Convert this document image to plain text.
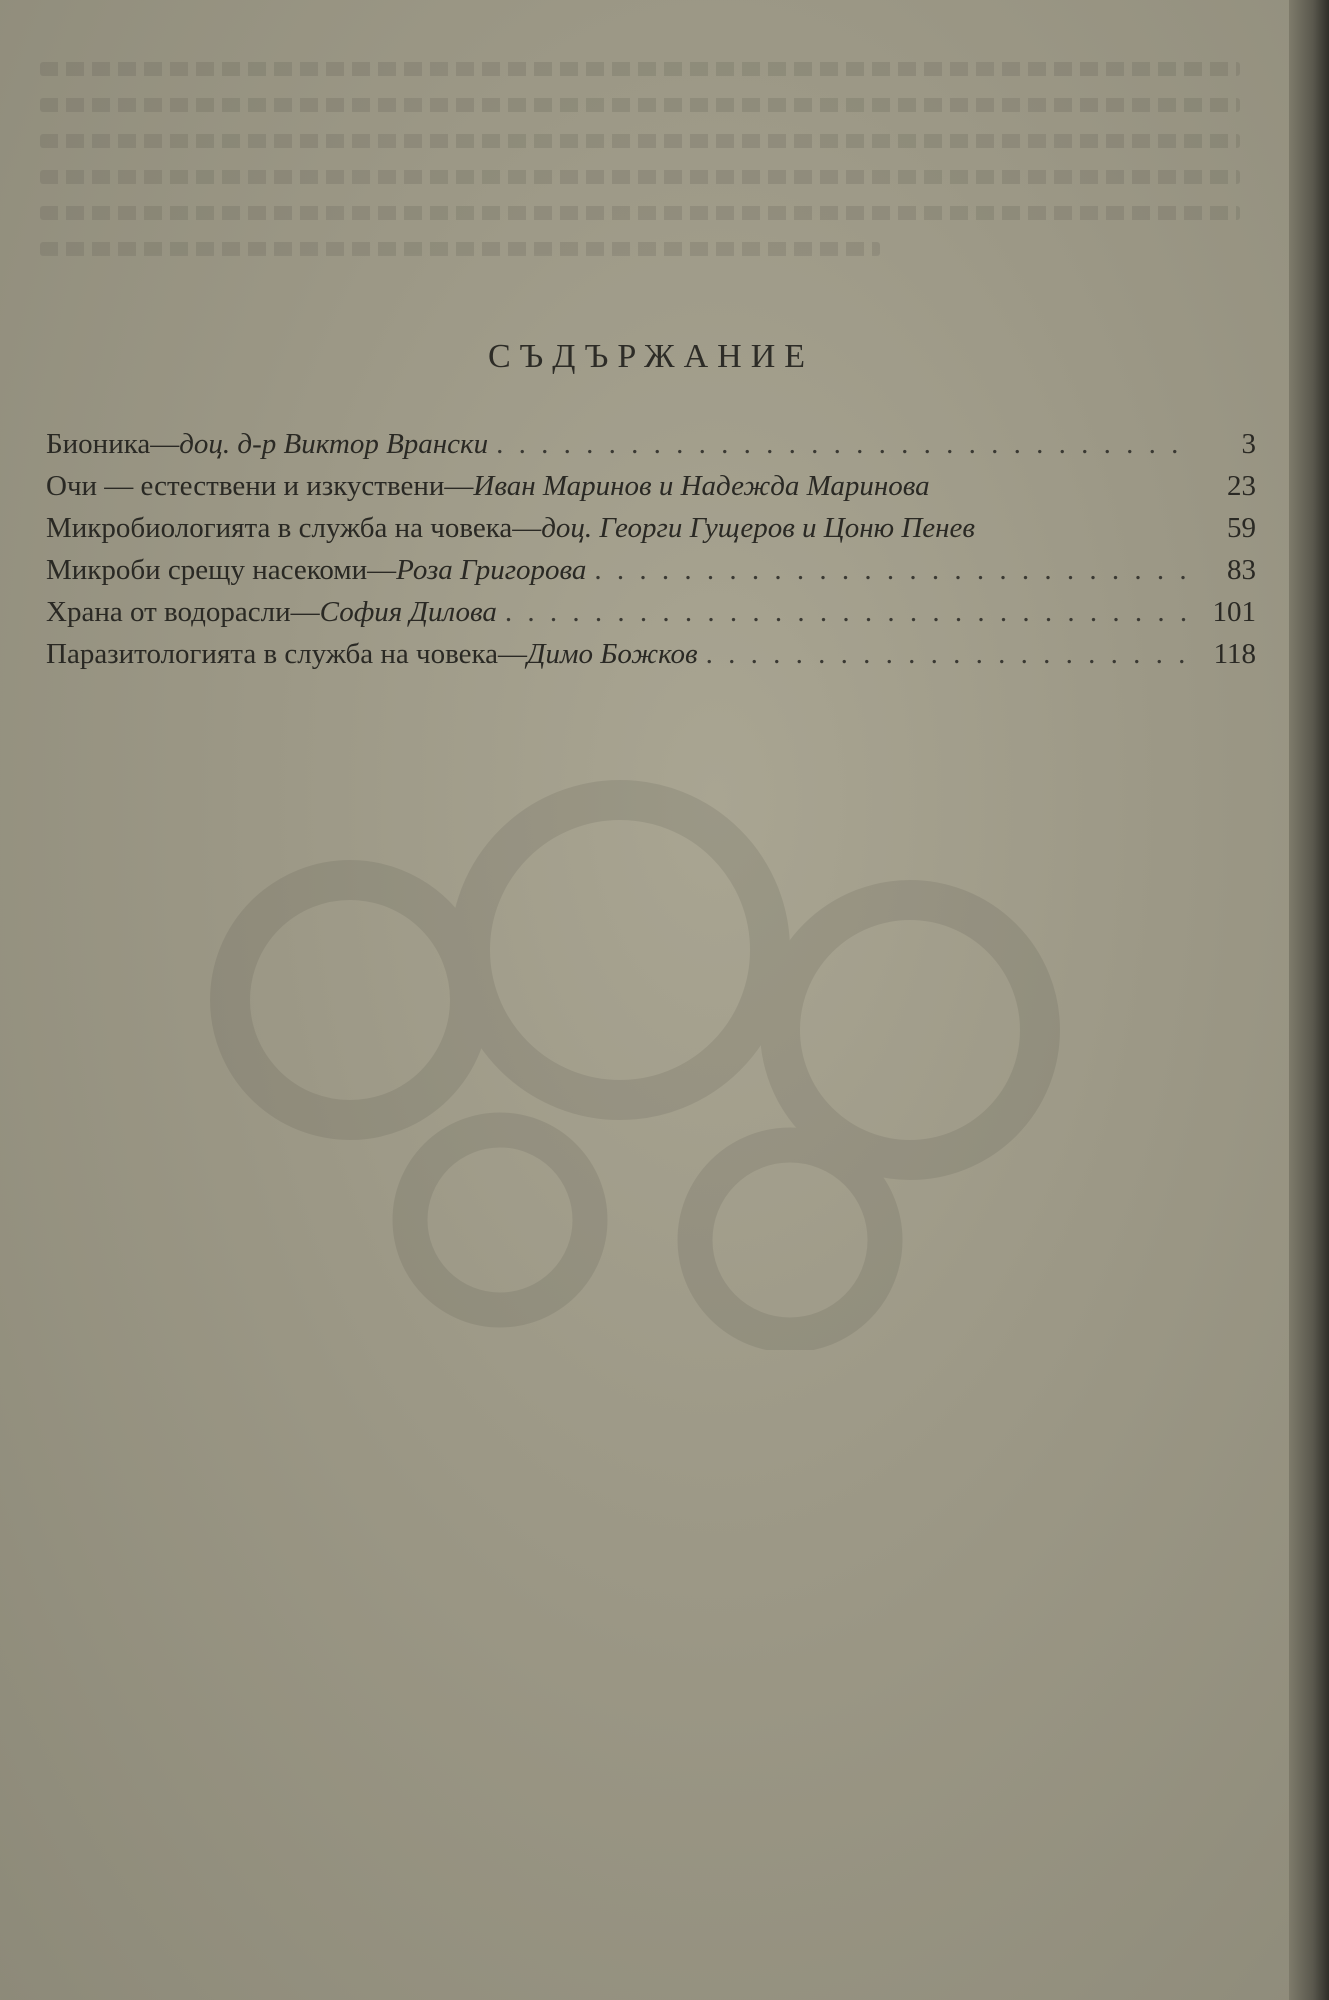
СЪДЪРЖАНИЕ
Бионика — доц. д-р Виктор Врански . . .	3
Очи — естествени и изкуствени — Иван Маринов и Надежда Маринова	23
Микробиологията в служба на човека — доц. Георги Гущеров и Цоню Пенев	59
Микроби срещу насекоми — Роза Григорова . . .	83
Храна от водорасли — София Дилова . . .	101
Паразитологията в служба на човека — Димо Божков . . .	118
